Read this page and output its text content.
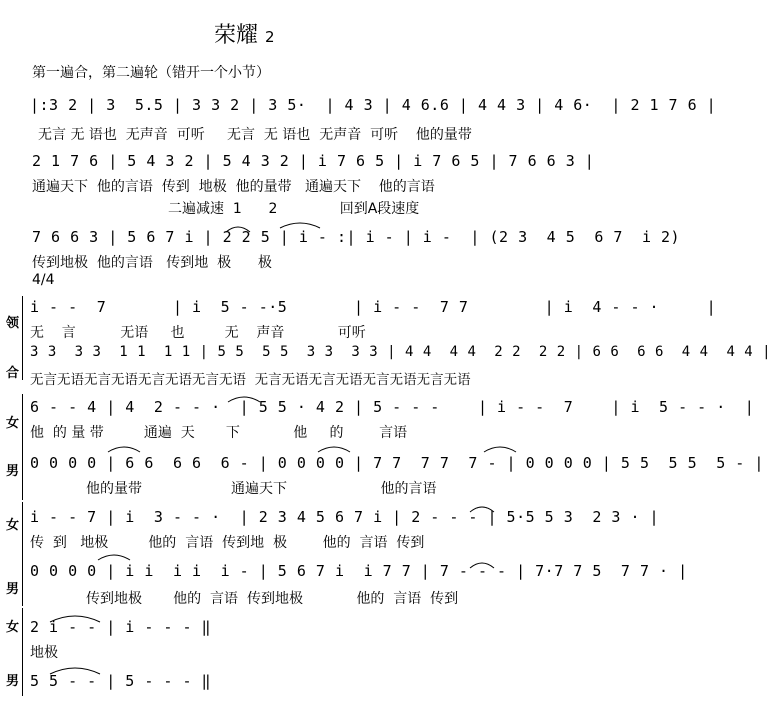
荣耀 2
第一遍合，第二遍轮（错开一个小节）
|:3 2 | 3  5.5 | 3 3 2 | 3 5·  | 4 3 | 4 6.6 | 4 4 3 | 4 6·  | 2 1 7 6 |
无言 无 语也  无声音  可听     无言  无 语也  无声音  可听    他的量带
2 1 7 6 | 5 4 3 2 | 5 4 3 2 | i 7 6 5 | i 7 6 5 | 7 6 6 3 |
通遍天下  他的言语  传到  地极  他的量带   通遍天下    他的言语
二遍减速  1      2              回到A段速度
7 6 6 3 | 5 6 7 i | 2 2 5 | i - :| i - | i -  | (2 3  4 5  6 7  i 2)
传到地极  他的言语   传到地  极      极
4/4
领
合
i - -  7       | i  5 - -·5       | i - -  7 7        | i  4 - - ·     |
无    言          无语     也         无    声音            可听
3 3  3 3  1 1  1 1 | 5 5  5 5  3 3  3 3 | 4 4  4 4  2 2  2 2 | 6 6  6 6  4 4  4 4 |
无言无语无言无语无言无语无言无语  无言无语无言无语无言无语无言无语
女
男
6 - - 4 | 4  2 - - ·  | 5 5 · 4 2 | 5 - - -    | i - -  7    | i  5 - - ·  |
他  的 量 带         通遍  天       下            他     的        言语
0 0 0 0 | 6 6  6 6  6 - | 0 0 0 0 | 7 7  7 7  7 - | 0 0 0 0 | 5 5  5 5  5 - |
他的量带                    通遍天下                     他的言语
女
男
i - - 7 | i  3 - - ·  | 2 3 4 5 6 7 i | 2 - - - | 5·5 5 3  2 3 · |
传  到   地极         他的  言语  传到地  极        他的  言语  传到
0 0 0 0 | i i  i i  i - | 5 6 7 i  i 7 7 | 7 - - - | 7·7 7 5  7 7 · |
传到地极       他的  言语  传到地极            他的  言语  传到
女
男
2 i - - | i - - - ‖
地极
5 5 - - | 5 - - - ‖
